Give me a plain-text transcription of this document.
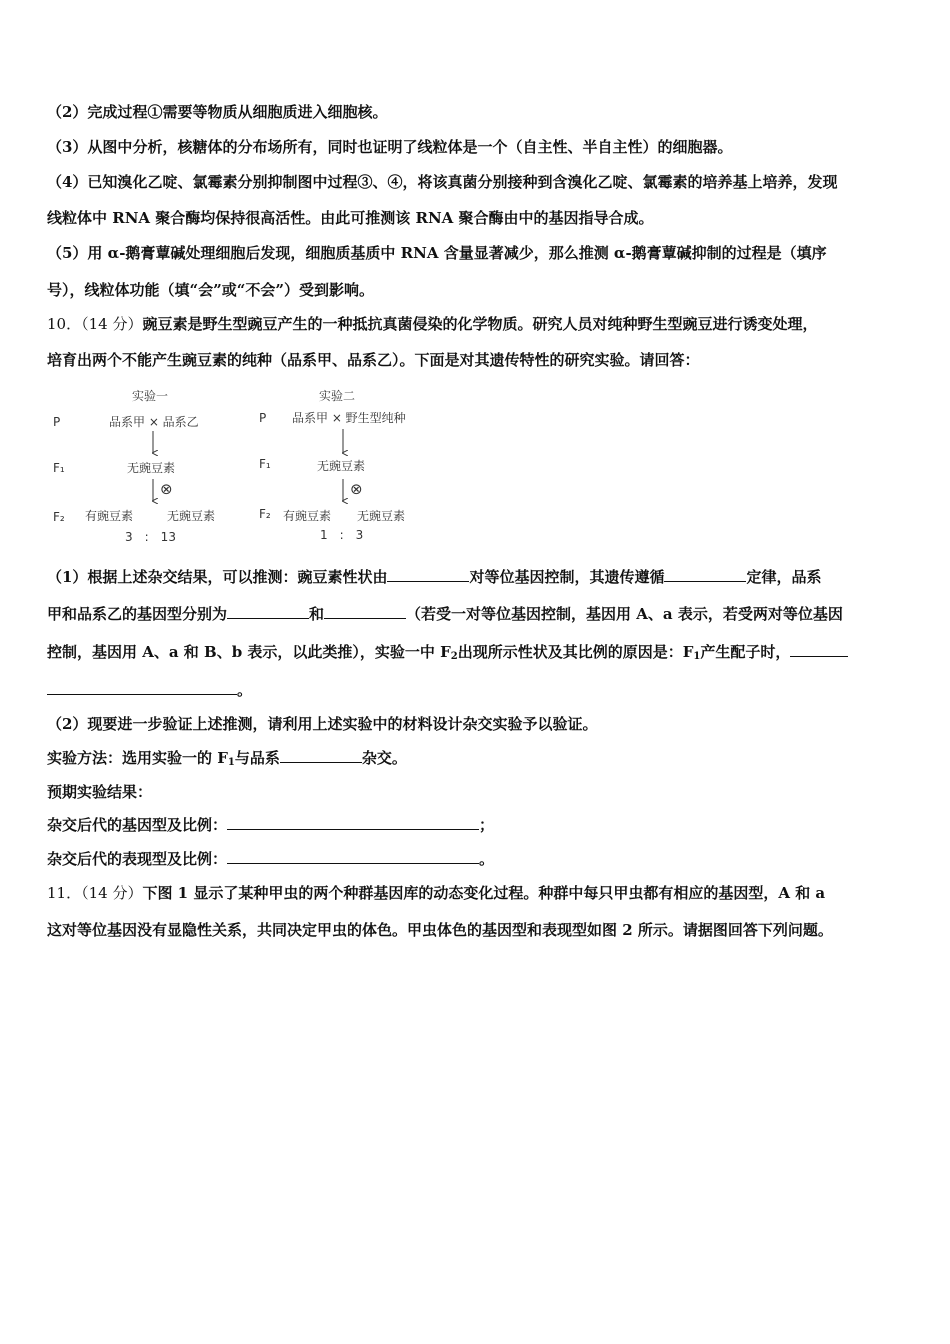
（2）完成过程①需要等物质从细胞质进入细胞核。
（3）从图中分析，核糖体的分布场所有，同时也证明了线粒体是一个（自主性、半自主性）的细胞器。
（4）已知溴化乙啶、氯霉素分别抑制图中过程③、④，将该真菌分别接种到含溴化乙啶、氯霉素的培养基上培养，发现
线粒体中 RNA 聚合酶均保持很高活性。由此可推测该 RNA 聚合酶由中的基因指导合成。
（5）用 α-鹅膏蕈碱处理细胞后发现，细胞质基质中 RNA 含量显著减少，那么推测 α-鹅膏蕈碱抑制的过程是（填序
号），线粒体功能（填“会”或“不会”）受到影响。
10．（14 分）豌豆素是野生型豌豆产生的一种抵抗真菌侵染的化学物质。研究人员对纯种野生型豌豆进行诱变处理，
培育出两个不能产生豌豆素的纯种（品系甲、品系乙）。下面是对其遗传特性的研究实验。请回答：
实验一	实验二
P	品系甲 × 品系乙	P 品系甲 × 野生型纯种
F₁	无豌豆素	F₁	无豌豆素
⊗	⊗
F₂ 有豌豆素	无豌豆素	F₂ 有豌豆素 无豌豆素
3　:　13	1　:　3
（1）根据上述杂交结果，可以推测：豌豆素性状由	对等位基因控制，其遗传遵循	定律，品系
甲和品系乙的基因型分别为	和	（若受一对等位基因控制，基因用 A、a 表示，若受两对等位基因
控制，基因用 A、a 和 B、b 表示，以此类推），实验一中 $F_2$出现所示性状及其比例的原因是：$F_1$产生配子时，
。
（2）现要进一步验证上述推测，请利用上述实验中的材料设计杂交实验予以验证。
实验方法：选用实验一的 $F_1$与品系	杂交。
预期实验结果：
杂交后代的基因型及比例：	；
杂交后代的表现型及比例：	。
11．（14 分）下图 1 显示了某种甲虫的两个种群基因库的动态变化过程。种群中每只甲虫都有相应的基因型，A 和 a
这对等位基因没有显隐性关系，共同决定甲虫的体色。甲虫体色的基因型和表现型如图 2 所示。请据图回答下列问题。
